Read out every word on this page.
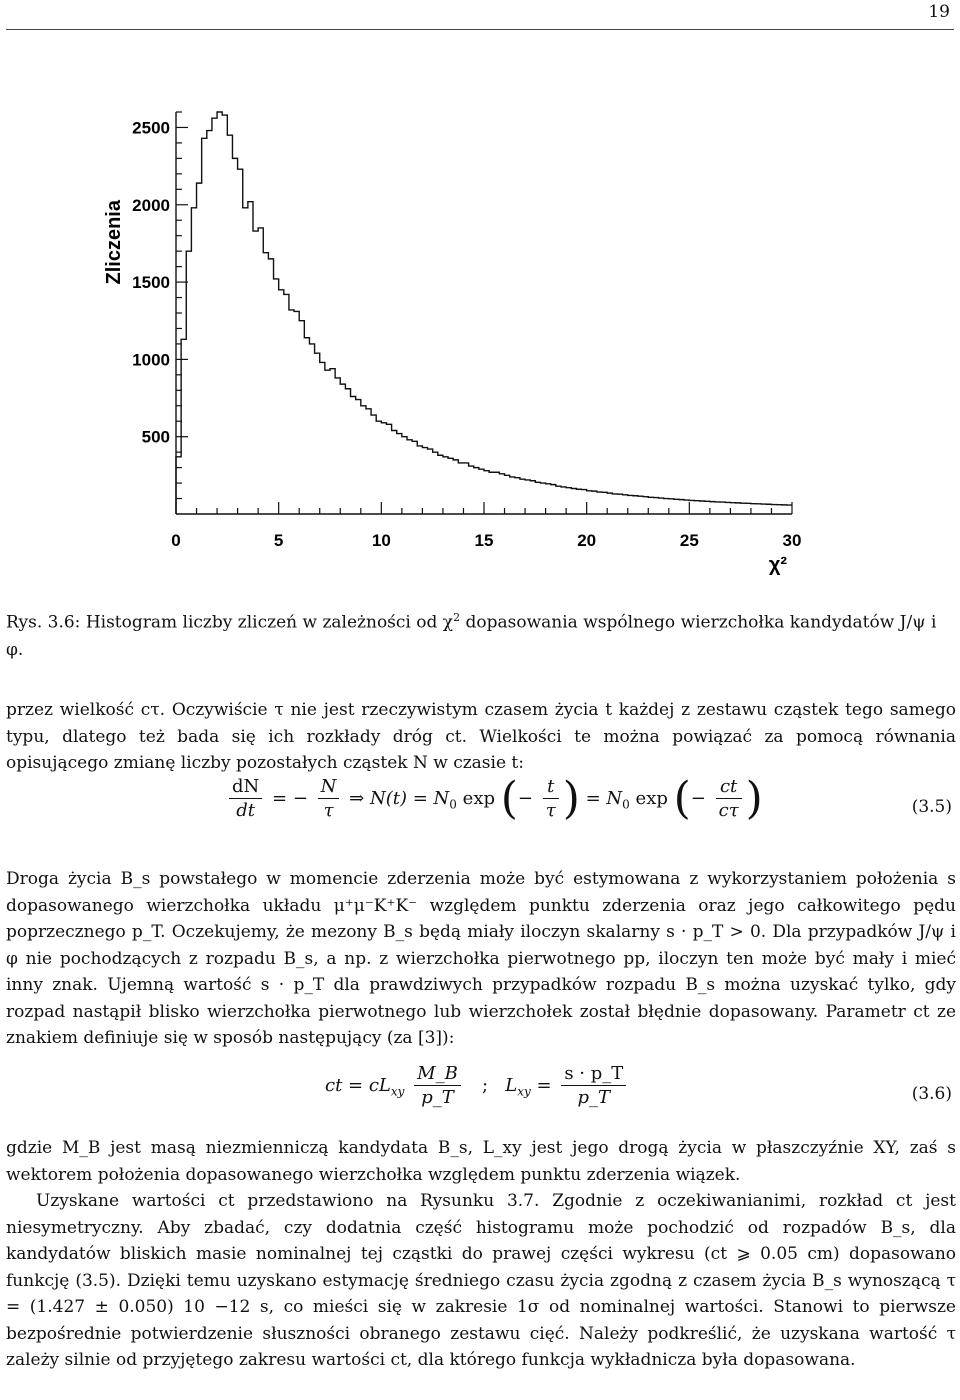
19
0	5	10	15	20	25	30
500
1000
1500
2000
2500
Zliczenia
χ²
Rys. 3.6: Histogram liczby zliczeń w zależności od $\chi^2$ dopasowania wspólnego wierzchołka kandydatów J/ψ i φ.
przez wielkość cτ. Oczywiście τ nie jest rzeczywistym czasem życia t każdej z zestawu cząstek tego samego typu, dlatego też bada się ich rozkłady dróg ct. Wielkości te można powiązać za pomocą równania opisującego zmianę liczby pozostałych cząstek N w czasie t:
$\frac{dN}{dt}$ = − $\frac{N}{\tau}$ ⇒ $N(t) = N_0$ exp (− $\frac{t}{\tau}$ ) = $N_0$ exp (− $\frac{ct}{c\tau}$ )	(3.5)
Droga życia B_s powstałego w momencie zderzenia może być estymowana z wykorzystaniem położenia s dopasowanego wierzchołka układu μ⁺μ⁻K⁺K⁻ względem punktu zderzenia oraz jego całkowitego pędu poprzecznego p_T. Oczekujemy, że mezony B_s będą miały iloczyn skalarny s · p_T > 0. Dla przypadków J/ψ i φ nie pochodzących z rozpadu B_s, a np. z wierzchołka pierwotnego pp, iloczyn ten może być mały i mieć inny znak. Ujemną wartość s · p_T dla prawdziwych przypadków rozpadu B_s można uzyskać tylko, gdy rozpad nastąpił blisko wierzchołka pierwotnego lub wierzchołek został błędnie dopasowany. Parametr ct ze znakiem definiuje się w sposób następujący (za [3]):
ct = $cL_{xy} \frac{M\_B}{p\_T}$ ; $L_{xy} = \frac{s \cdot p\_T}{p\_T}$	(3.6)
gdzie M_B jest masą niezmienniczą kandydata B_s, L_xy jest jego drogą życia w płaszczyźnie XY, zaś s wektorem położenia dopasowanego wierzchołka względem punktu zderzenia wiązek.
Uzyskane wartości ct przedstawiono na Rysunku 3.7. Zgodnie z oczekiwanianimi, rozkład ct jest niesymetryczny. Aby zbadać, czy dodatnia część histogramu może pochodzić od rozpadów B_s, dla kandydatów bliskich masie nominalnej tej cząstki do prawej części wykresu (ct ⩾ 0.05 cm) dopasowano funkcję (3.5). Dzięki temu uzyskano estymację średniego czasu życia zgodną z czasem życia B_s wynoszącą τ = (1.427 ± 0.050) 10 −12 s, co mieści się w zakresie 1σ od nominalnej wartości. Stanowi to pierwsze bezpośrednie potwierdzenie słuszności obranego zestawu cięć. Należy podkreślić, że uzyskana wartość τ zależy silnie od przyjętego zakresu wartości ct, dla którego funkcja wykładnicza była dopasowana.
